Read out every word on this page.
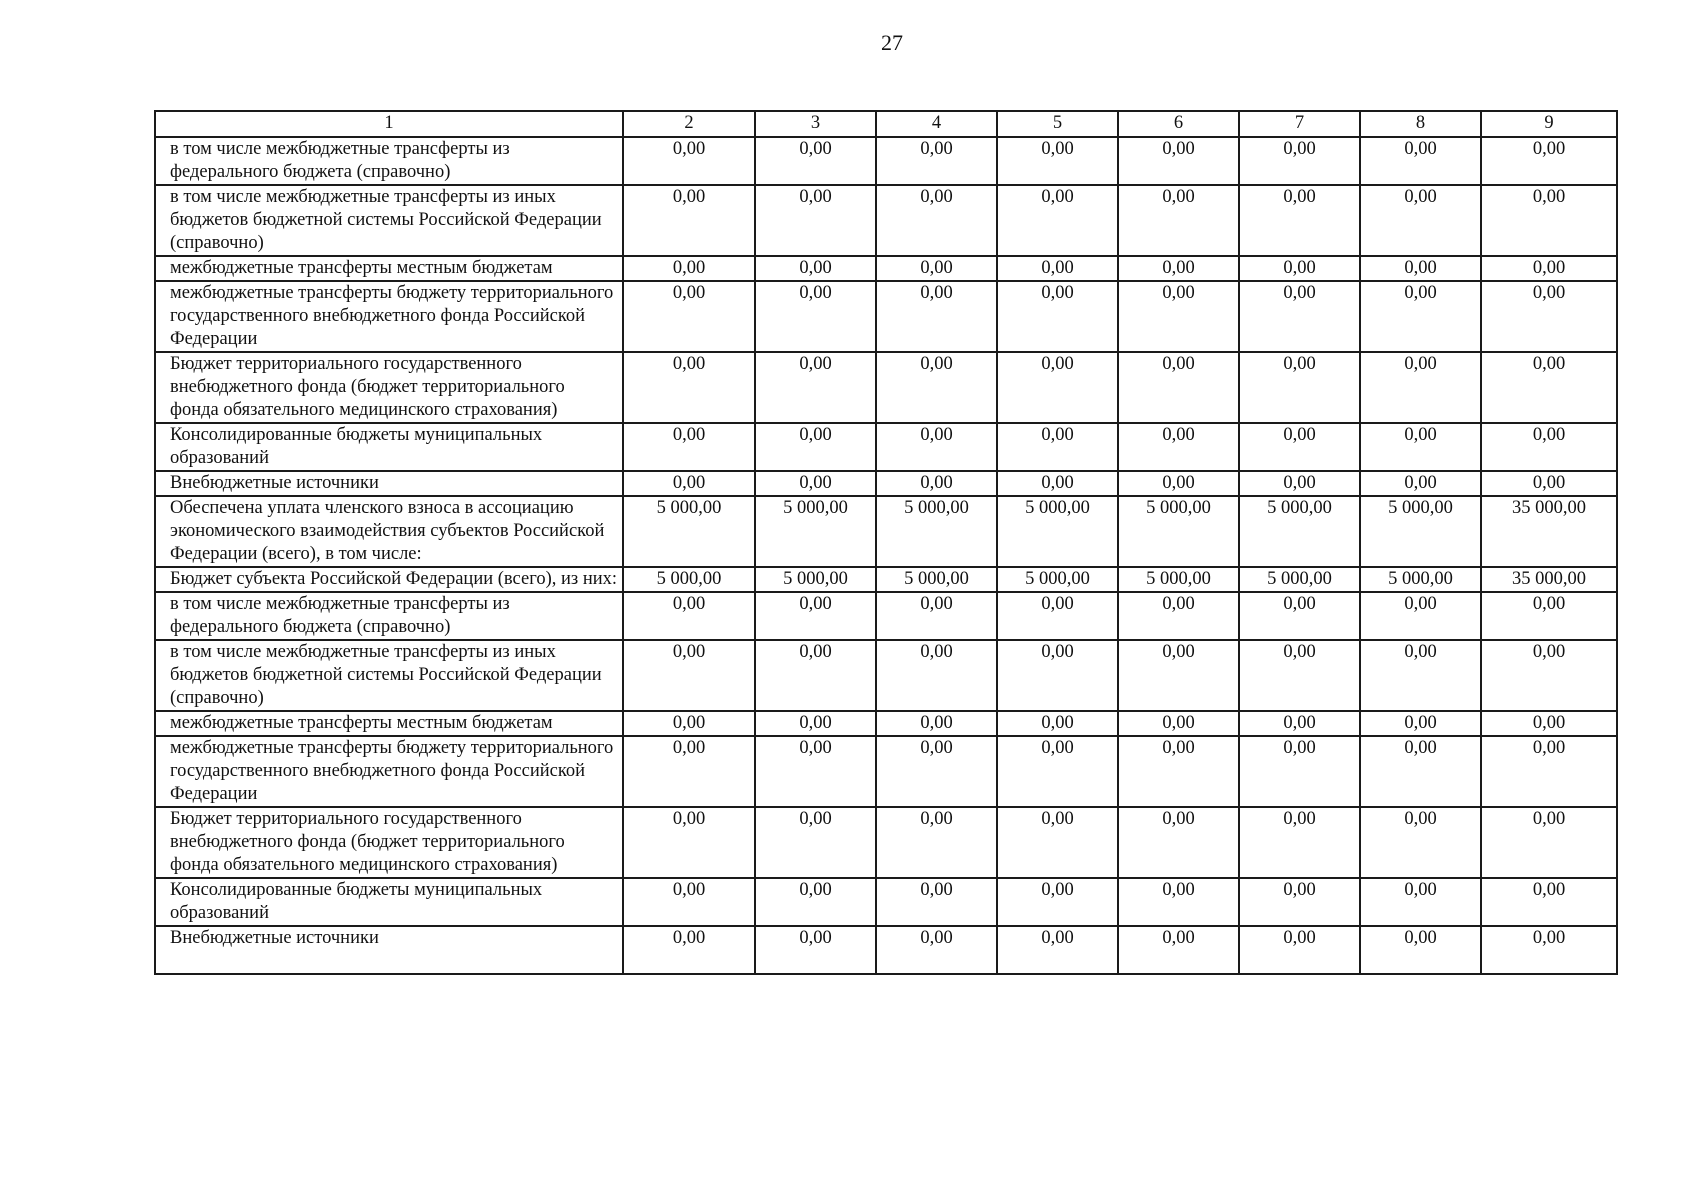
27
1	2	3	4	5	6	7	8	9
в том числе межбюджетные трансферты из федерального бюджета (справочно)	0,00	0,00	0,00	0,00	0,00	0,00	0,00	0,00
в том числе межбюджетные трансферты из иных бюджетов бюджетной системы Российской Федерации (справочно)	0,00	0,00	0,00	0,00	0,00	0,00	0,00	0,00
межбюджетные трансферты местным бюджетам	0,00	0,00	0,00	0,00	0,00	0,00	0,00	0,00
межбюджетные трансферты бюджету территориального государственного внебюджетного фонда Российской Федерации	0,00	0,00	0,00	0,00	0,00	0,00	0,00	0,00
Бюджет территориального государственного внебюджетного фонда (бюджет территориального фонда обязательного медицинского страхования)	0,00	0,00	0,00	0,00	0,00	0,00	0,00	0,00
Консолидированные бюджеты муниципальных образований	0,00	0,00	0,00	0,00	0,00	0,00	0,00	0,00
Внебюджетные источники	0,00	0,00	0,00	0,00	0,00	0,00	0,00	0,00
Обеспечена уплата членского взноса в ассоциацию экономического взаимодействия субъектов Российской Федерации (всего), в том числе:	5 000,00	5 000,00	5 000,00	5 000,00	5 000,00	5 000,00	5 000,00	35 000,00
Бюджет субъекта Российской Федерации (всего), из них:	5 000,00	5 000,00	5 000,00	5 000,00	5 000,00	5 000,00	5 000,00	35 000,00
в том числе межбюджетные трансферты из федерального бюджета (справочно)	0,00	0,00	0,00	0,00	0,00	0,00	0,00	0,00
в том числе межбюджетные трансферты из иных бюджетов бюджетной системы Российской Федерации (справочно)	0,00	0,00	0,00	0,00	0,00	0,00	0,00	0,00
межбюджетные трансферты местным бюджетам	0,00	0,00	0,00	0,00	0,00	0,00	0,00	0,00
межбюджетные трансферты бюджету территориального государственного внебюджетного фонда Российской Федерации	0,00	0,00	0,00	0,00	0,00	0,00	0,00	0,00
Бюджет территориального государственного внебюджетного фонда (бюджет территориального фонда обязательного медицинского страхования)	0,00	0,00	0,00	0,00	0,00	0,00	0,00	0,00
Консолидированные бюджеты муниципальных образований	0,00	0,00	0,00	0,00	0,00	0,00	0,00	0,00
Внебюджетные источники	0,00	0,00	0,00	0,00	0,00	0,00	0,00	0,00
